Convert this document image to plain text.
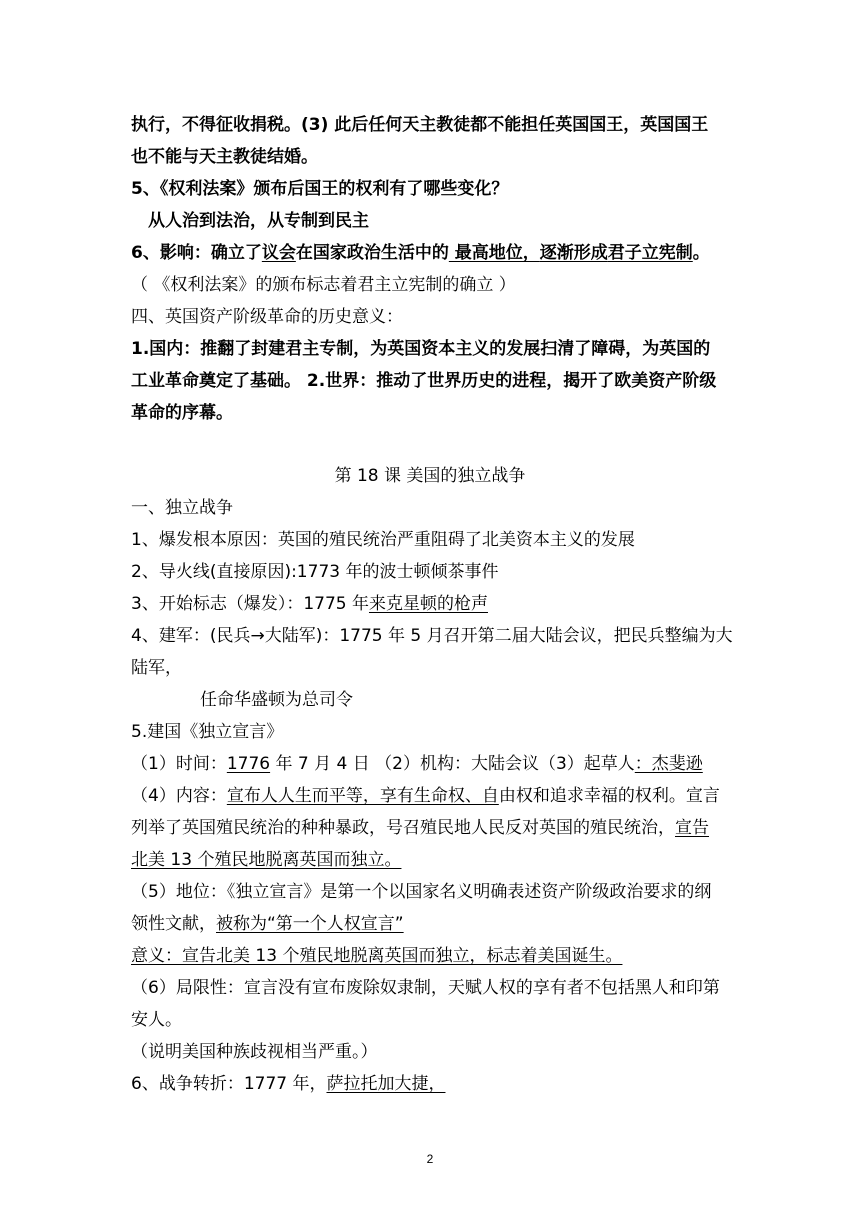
执行，不得征收捐税。(3) 此后任何天主教徒都不能担任英国国王，英国国王
也不能与天主教徒结婚。
5、《权利法案》颁布后国王的权利有了哪些变化？
从人治到法治，从专制到民主
6、影响：确立了议会在国家政治生活中的 最高地位，逐渐形成君子立宪制。
（ 《权利法案》的颁布标志着君主立宪制的确立 ）
四、英国资产阶级革命的历史意义：
1.国内：推翻了封建君主专制，为英国资本主义的发展扫清了障碍，为英国的
工业革命奠定了基础。 2.世界：推动了世界历史的进程，揭开了欧美资产阶级
革命的序幕。
第 18 课 美国的独立战争
一、独立战争
1、爆发根本原因：英国的殖民统治严重阻碍了北美资本主义的发展
2、导火线(直接原因):1773 年的波士顿倾茶事件
3、开始标志（爆发）：1775 年来克星顿的枪声
4、建军：(民兵→大陆军)：1775 年 5 月召开第二届大陆会议，把民兵整编为大
陆军，
任命华盛顿为总司令
5.建国《独立宣言》
（1）时间：1776 年 7 月 4 日 （2）机构：大陆会议（3）起草人：杰斐逊
（4）内容：宣布人人生而平等，享有生命权、自由权和追求幸福的权利。宣言
列举了英国殖民统治的种种暴政，号召殖民地人民反对英国的殖民统治，宣告
北美 13 个殖民地脱离英国而独立。
（5）地位：《独立宣言》是第一个以国家名义明确表述资产阶级政治要求的纲
领性文献，被称为“第一个人权宣言”
意义：宣告北美 13 个殖民地脱离英国而独立，标志着美国诞生。
（6）局限性：宣言没有宣布废除奴隶制，天赋人权的享有者不包括黑人和印第
安人。
（说明美国种族歧视相当严重。）
6、战争转折：1777 年，萨拉托加大捷，
2
